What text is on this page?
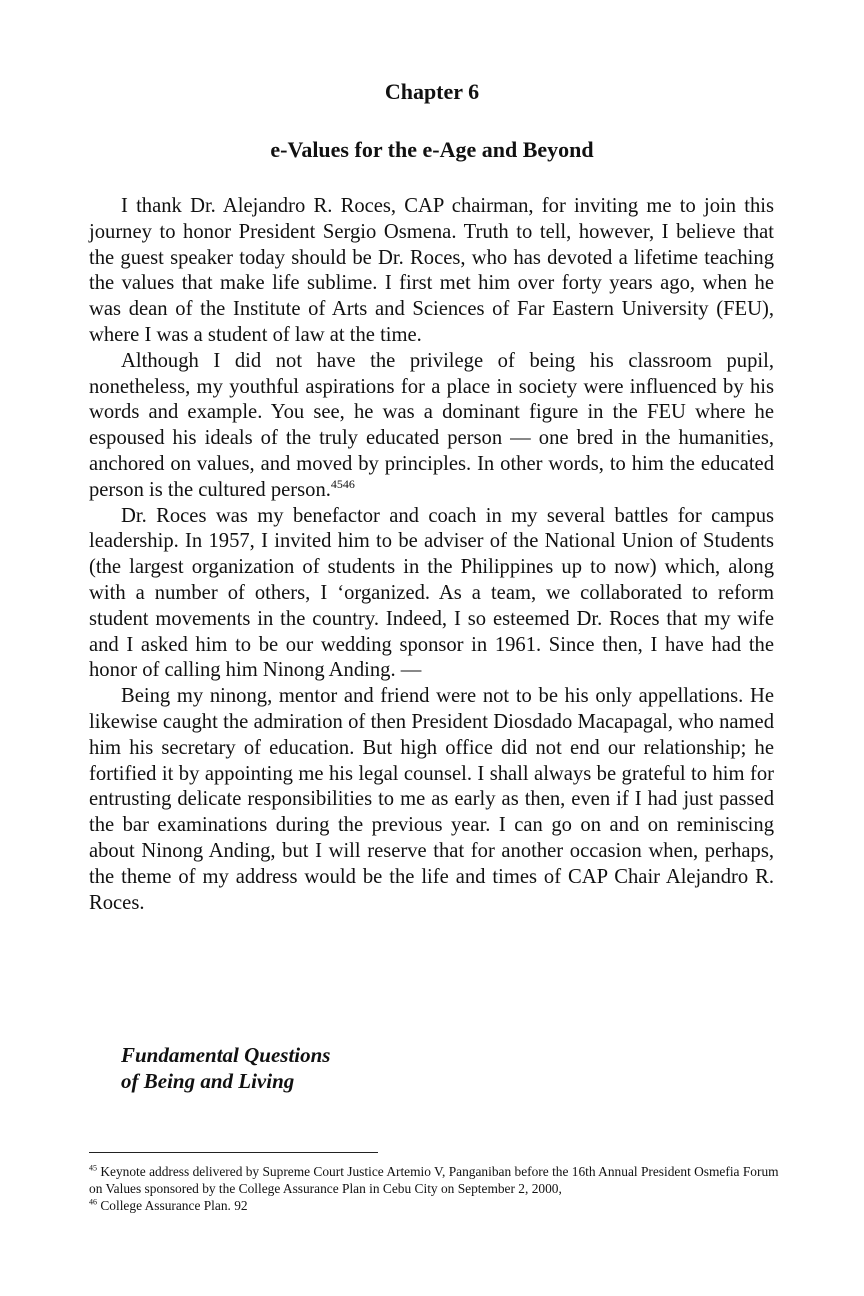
Chapter 6
e-Values for the e-Age and Beyond

I thank Dr. Alejandro R. Roces, CAP chairman, for inviting me to join this journey to honor President Sergio Osmena. Truth to tell, however, I believe that the guest speaker today should be Dr. Roces, who has devoted a lifetime teaching the values that make life sublime. I first met him over forty years ago, when he was dean of the Institute of Arts and Sciences of Far Eastern University (FEU), where I was a student of law at the time.

Although I did not have the privilege of being his classroom pupil, nonetheless, my youthful aspirations for a place in society were influenced by his words and example. You see, he was a dominant figure in the FEU where he espoused his ideals of the truly educated person — one bred in the humanities, anchored on values, and moved by principles. In other words, to him the educated person is the cultured person.$^{4546}$

Dr. Roces was my benefactor and coach in my several battles for campus leadership. In 1957, I invited him to be adviser of the National Union of Students (the largest organization of students in the Philippines up to now) which, along with a number of others, I ‘organized. As a team, we collaborated to reform student movements in the country. Indeed, I so esteemed Dr. Roces that my wife and I asked him to be our wedding sponsor in 1961. Since then, I have had the honor of calling him Ninong Anding. —

Being my ninong, mentor and friend were not to be his only appellations. He likewise caught the admiration of then President Diosdado Macapagal, who named him his secretary of education. But high office did not end our relationship; he fortified it by appointing me his legal counsel. I shall always be grateful to him for entrusting delicate responsibilities to me as early as then, even if I had just passed the bar examinations during the previous year. I can go on and on reminiscing about Ninong Anding, but I will reserve that for another occasion when, perhaps, the theme of my address would be the life and times of CAP Chair Alejandro R. Roces.

Fundamental Questions
of Being and Living

$^{45}$ Keynote address delivered by Supreme Court Justice Artemio V, Panganiban before the 16th Annual President Osmefia Forum on Values sponsored by the College Assurance Plan in Cebu City on September 2, 2000,

$^{46}$ College Assurance Plan. 92
